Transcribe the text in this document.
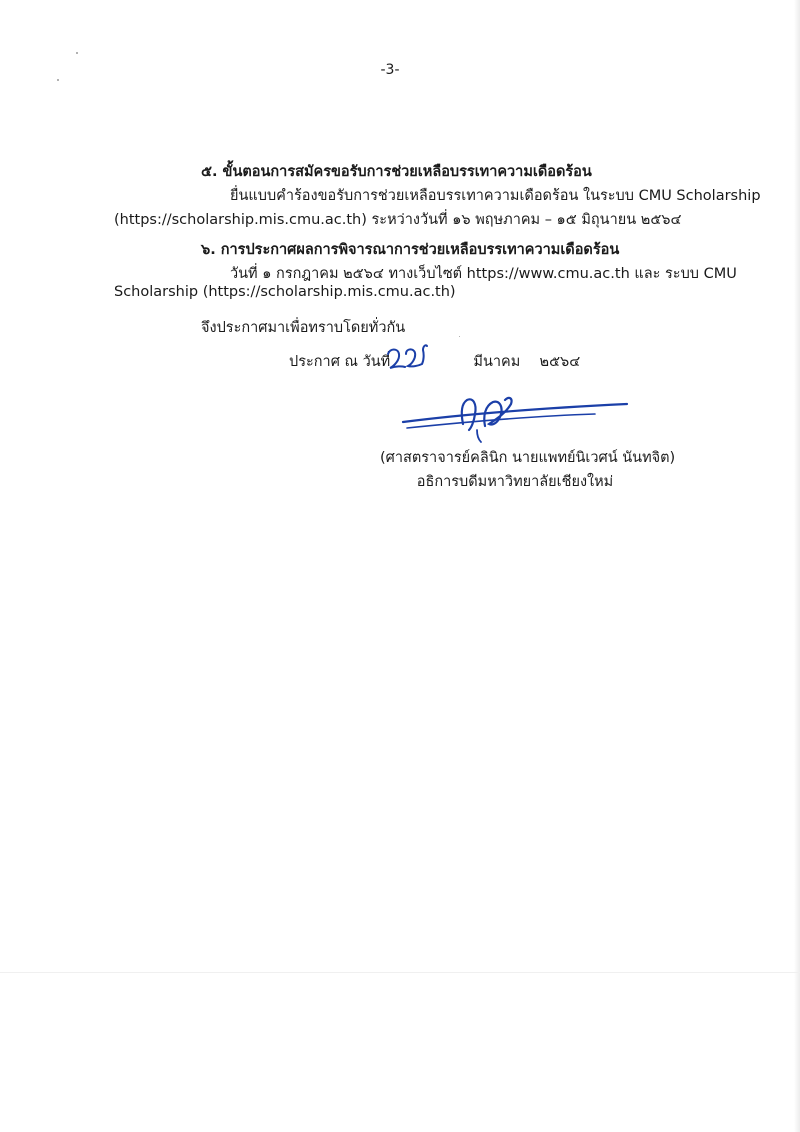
-3-
๕. ขั้นตอนการสมัครขอรับการช่วยเหลือบรรเทาความเดือดร้อน
ยื่นแบบคำร้องขอรับการช่วยเหลือบรรเทาความเดือดร้อน ในระบบ CMU Scholarship
(https://scholarship.mis.cmu.ac.th) ระหว่างวันที่ ๑๖ พฤษภาคม – ๑๕ มิถุนายน ๒๕๖๔
๖. การประกาศผลการพิจารณาการช่วยเหลือบรรเทาความเดือดร้อน
วันที่ ๑ กรกฎาคม ๒๕๖๔ ทางเว็บไซต์ https://www.cmu.ac.th และ ระบบ CMU
Scholarship (https://scholarship.mis.cmu.ac.th)
จึงประกาศมาเพื่อทราบโดยทั่วกัน
ประกาศ ณ วันที่	มีนาคม ๒๕๖๔
(ศาสตราจารย์คลินิก นายแพทย์นิเวศน์ นันทจิต)
อธิการบดีมหาวิทยาลัยเชียงใหม่
